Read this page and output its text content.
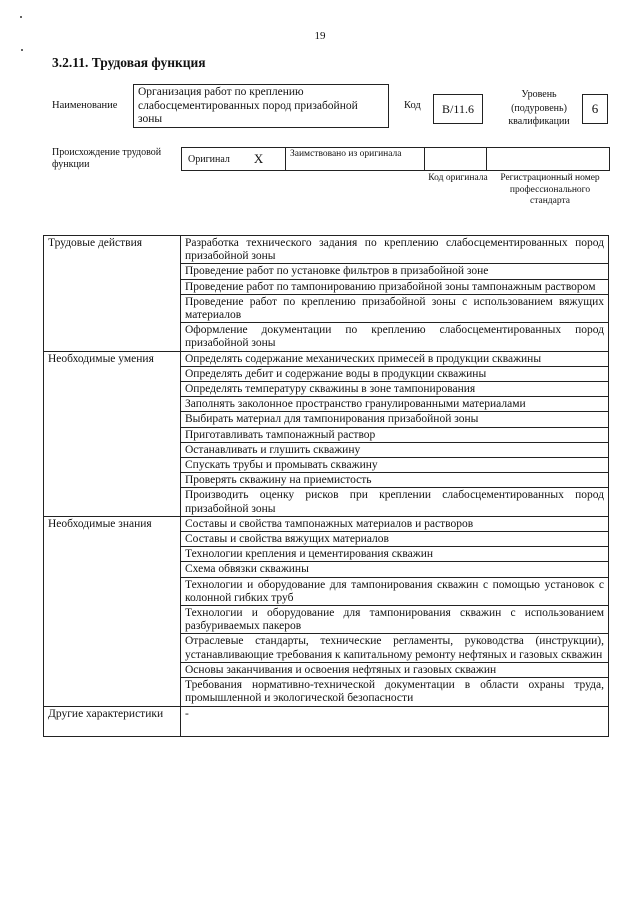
19
3.2.11. Трудовая функция
Наименование
Организация работ по креплению слабосцементированных пород призабойной зоны
Код	B/11.6
Уровень (подуровень) квалификации
6
Происхождение трудовой функции	Оригинал X	Заимствовано из оригинала
Код оригинала	Регистрационный номер профессионального стандарта
Трудовые действия	Разработка технического задания по креплению слабосцементированных пород призабойной зоны
	Проведение работ по установке фильтров в призабойной зоне
	Проведение работ по тампонированию призабойной зоны тампонажным раствором
	Проведение работ по креплению призабойной зоны с использованием вяжущих материалов
	Оформление документации по креплению слабосцементированных пород призабойной зоны
Необходимые умения	Определять содержание механических примесей в продукции скважины
	Определять дебит и содержание воды в продукции скважины
	Определять температуру скважины в зоне тампонирования
	Заполнять заколонное пространство гранулированными материалами
	Выбирать материал для тампонирования призабойной зоны
	Приготавливать тампонажный раствор
	Останавливать и глушить скважину
	Спускать трубы и промывать скважину
	Проверять скважину на приемистость
	Производить оценку рисков при креплении слабосцементированных пород призабойной зоны
Необходимые знания	Составы и свойства тампонажных материалов и растворов
	Составы и свойства вяжущих материалов
	Технологии крепления и цементирования скважин
	Схема обвязки скважины
	Технологии и оборудование для тампонирования скважин с помощью установок с колонной гибких труб
	Технологии и оборудование для тампонирования скважин с использованием разбуриваемых пакеров
	Отраслевые стандарты, технические регламенты, руководства (инструкции), устанавливающие требования к капитальному ремонту нефтяных и газовых скважин
	Основы заканчивания и освоения нефтяных и газовых скважин
	Требования нормативно-технической документации в области охраны труда, промышленной и экологической безопасности
Другие характеристики	-
